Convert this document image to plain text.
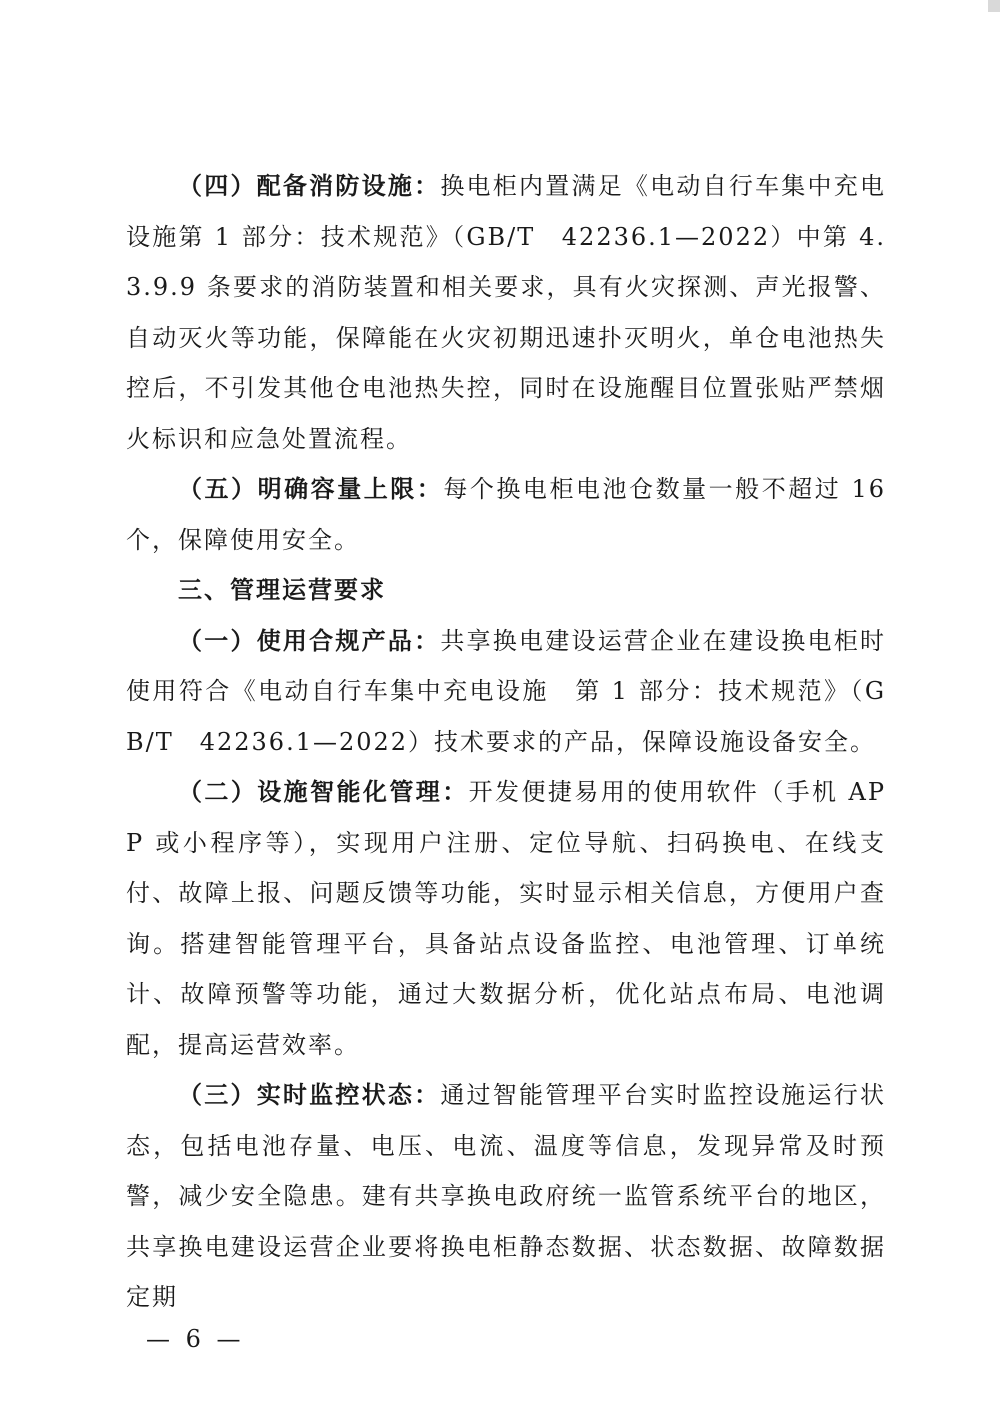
（四）配备消防设施：换电柜内置满足《电动自行车集中充电设施第 1 部分：技术规范》（GB/T　42236.1—2022）中第 4.3.9.9 条要求的消防装置和相关要求，具有火灾探测、声光报警、自动灭火等功能，保障能在火灾初期迅速扑灭明火，单仓电池热失控后，不引发其他仓电池热失控，同时在设施醒目位置张贴严禁烟火标识和应急处置流程。

（五）明确容量上限：每个换电柜电池仓数量一般不超过 16 个，保障使用安全。

三、管理运营要求

（一）使用合规产品：共享换电建设运营企业在建设换电柜时使用符合《电动自行车集中充电设施　第 1 部分：技术规范》（GB/T　42236.1—2022）技术要求的产品，保障设施设备安全。

（二）设施智能化管理：开发便捷易用的使用软件（手机 APP 或小程序等），实现用户注册、定位导航、扫码换电、在线支付、故障上报、问题反馈等功能，实时显示相关信息，方便用户查询。搭建智能管理平台，具备站点设备监控、电池管理、订单统计、故障预警等功能，通过大数据分析，优化站点布局、电池调配，提高运营效率。

（三）实时监控状态：通过智能管理平台实时监控设施运行状态，包括电池存量、电压、电流、温度等信息，发现异常及时预警，减少安全隐患。建有共享换电政府统一监管系统平台的地区，共享换电建设运营企业要将换电柜静态数据、状态数据、故障数据定期

— 6 —
